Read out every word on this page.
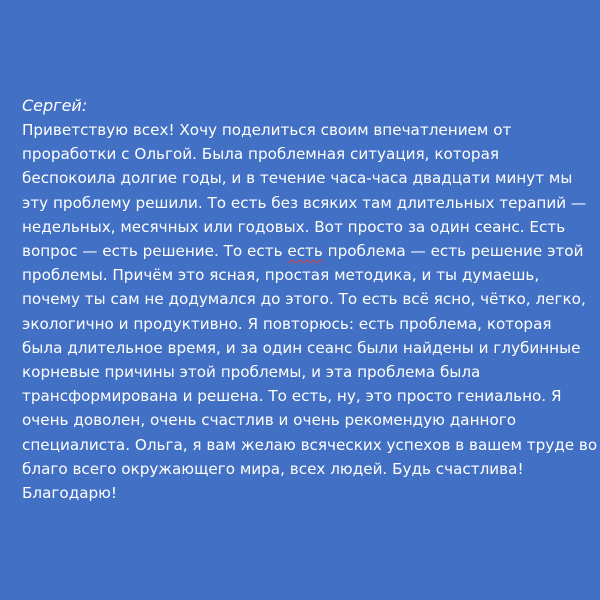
Сергей:

Приветствую всех! Хочу поделиться своим впечатлением от
проработки с Ольгой. Была проблемная ситуация, которая
беспокоила долгие годы, и в течение часа-часа двадцати минут мы
эту проблему решили. То есть без всяких там длительных терапий —
недельных, месячных или годовых. Вот просто за один сеанс. Есть
вопрос — есть решение. То есть есть проблема — есть решение этой
проблемы. Причём это ясная, простая методика, и ты думаешь,
почему ты сам не додумался до этого. То есть всё ясно, чётко, легко,
экологично и продуктивно. Я повторюсь: есть проблема, которая
была длительное время, и за один сеанс были найдены и глубинные
корневые причины этой проблемы, и эта проблема была
трансформирована и решена. То есть, ну, это просто гениально. Я
очень доволен, очень счастлив и очень рекомендую данного
специалиста. Ольга, я вам желаю всяческих успехов в вашем труде во
благо всего окружающего мира, всех людей. Будь счастлива!
Благодарю!
